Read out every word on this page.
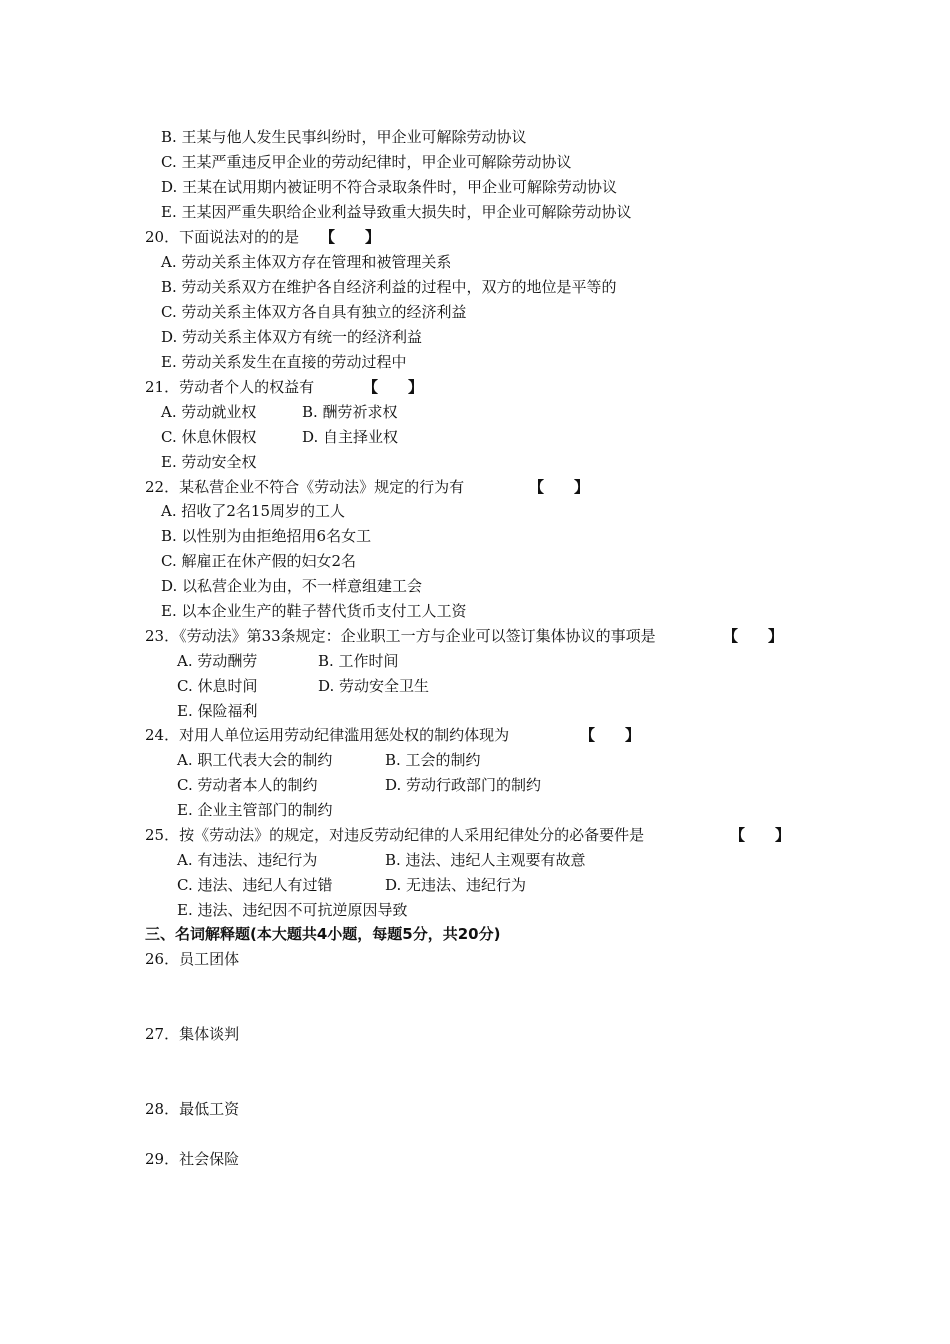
B. 王某与他人发生民事纠纷时，甲企业可解除劳动协议
C. 王某严重违反甲企业的劳动纪律时，甲企业可解除劳动协议
D. 王某在试用期内被证明不符合录取条件时，甲企业可解除劳动协议
E. 王某因严重失职给企业利益导致重大损失时，甲企业可解除劳动协议
20．下面说法对的的是 【　　】
A. 劳动关系主体双方存在管理和被管理关系
B. 劳动关系双方在维护各自经济利益的过程中，双方的地位是平等的
C. 劳动关系主体双方各自具有独立的经济利益
D. 劳动关系主体双方有统一的经济利益
E. 劳动关系发生在直接的劳动过程中
21．劳动者个人的权益有	【　　】
A. 劳动就业权	B. 酬劳祈求权
C. 休息休假权	D. 自主择业权
E. 劳动安全权
22．某私营企业不符合《劳动法》规定的行为有	【　　】
A. 招收了2名15周岁的工人
B. 以性别为由拒绝招用6名女工
C. 解雇正在休产假的妇女2名
D. 以私营企业为由，不一样意组建工会
E. 以本企业生产的鞋子替代货币支付工人工资
23．《劳动法》第33条规定：企业职工一方与企业可以签订集体协议的事项是	【　　】
A. 劳动酬劳	B. 工作时间
C. 休息时间	D. 劳动安全卫生
E. 保险福利
24．对用人单位运用劳动纪律滥用惩处权的制约体现为	【　　】
A. 职工代表大会的制约	B. 工会的制约
C. 劳动者本人的制约	D. 劳动行政部门的制约
E. 企业主管部门的制约
25．按《劳动法》的规定，对违反劳动纪律的人采用纪律处分的必备要件是	【　　】
A. 有违法、违纪行为	B. 违法、违纪人主观要有故意
C. 违法、违纪人有过错	D. 无违法、违纪行为
E. 违法、违纪因不可抗逆原因导致
三、名词解释题(本大题共4小题，每题5分，共20分)
26．员工团体
27．集体谈判
28．最低工资
29．社会保险
